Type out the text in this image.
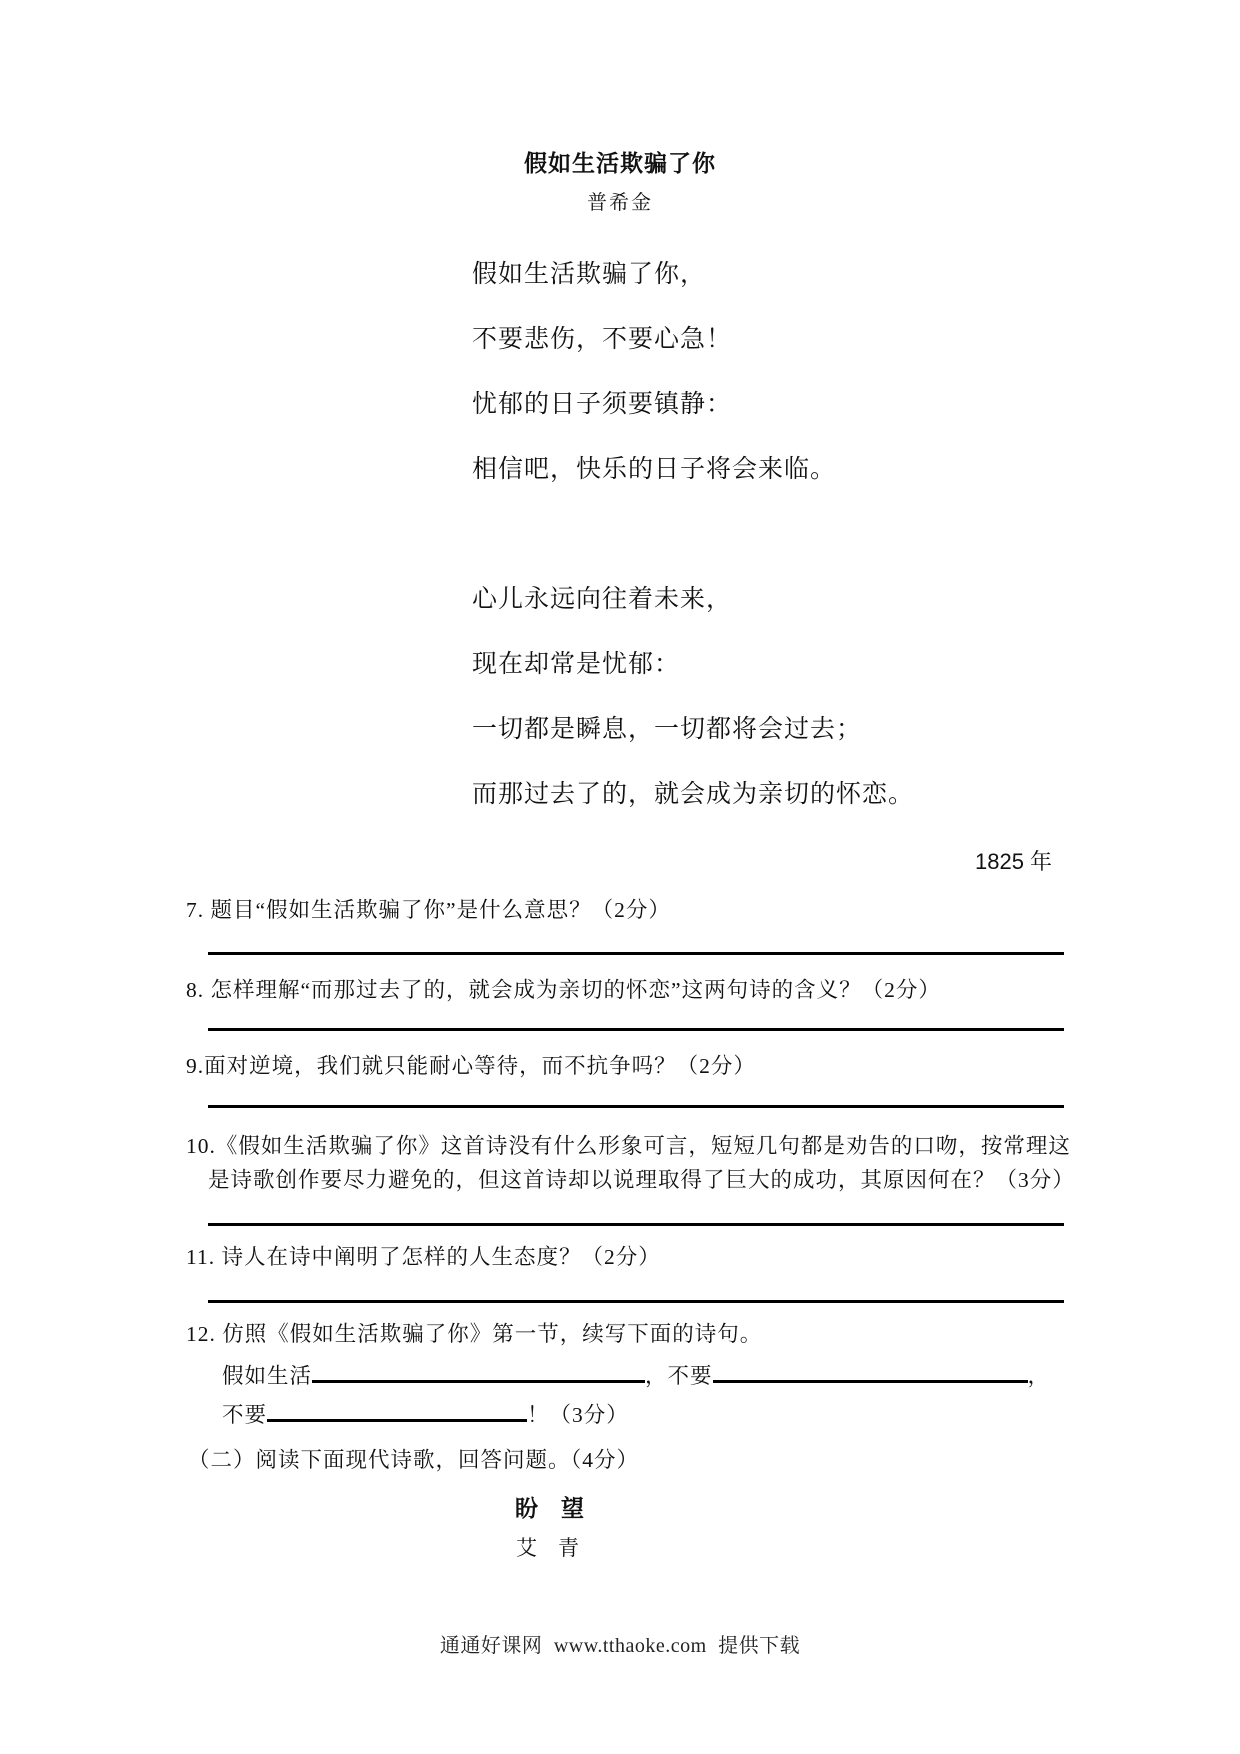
假如生活欺骗了你
普希金
假如生活欺骗了你，
不要悲伤，不要心急！
忧郁的日子须要镇静：
相信吧，快乐的日子将会来临。
心儿永远向往着未来，
现在却常是忧郁：
一切都是瞬息，一切都将会过去；
而那过去了的，就会成为亲切的怀恋。
1825 年
7. 题目“假如生活欺骗了你”是什么意思？（2分）
8. 怎样理解“而那过去了的，就会成为亲切的怀恋”这两句诗的含义？（2分）
9.面对逆境，我们就只能耐心等待，而不抗争吗？（2分）
10.《假如生活欺骗了你》这首诗没有什么形象可言，短短几句都是劝告的口吻，按常理这
是诗歌创作要尽力避免的，但这首诗却以说理取得了巨大的成功，其原因何在？（3分）
11. 诗人在诗中阐明了怎样的人生态度？（2分）
12. 仿照《假如生活欺骗了你》第一节，续写下面的诗句。
假如生活	，不要	，
不要	！（3分）
（二）阅读下面现代诗歌，回答问题。（4分）
盼　望
艾　青
通通好课网 www.tthaoke.com 提供下载
